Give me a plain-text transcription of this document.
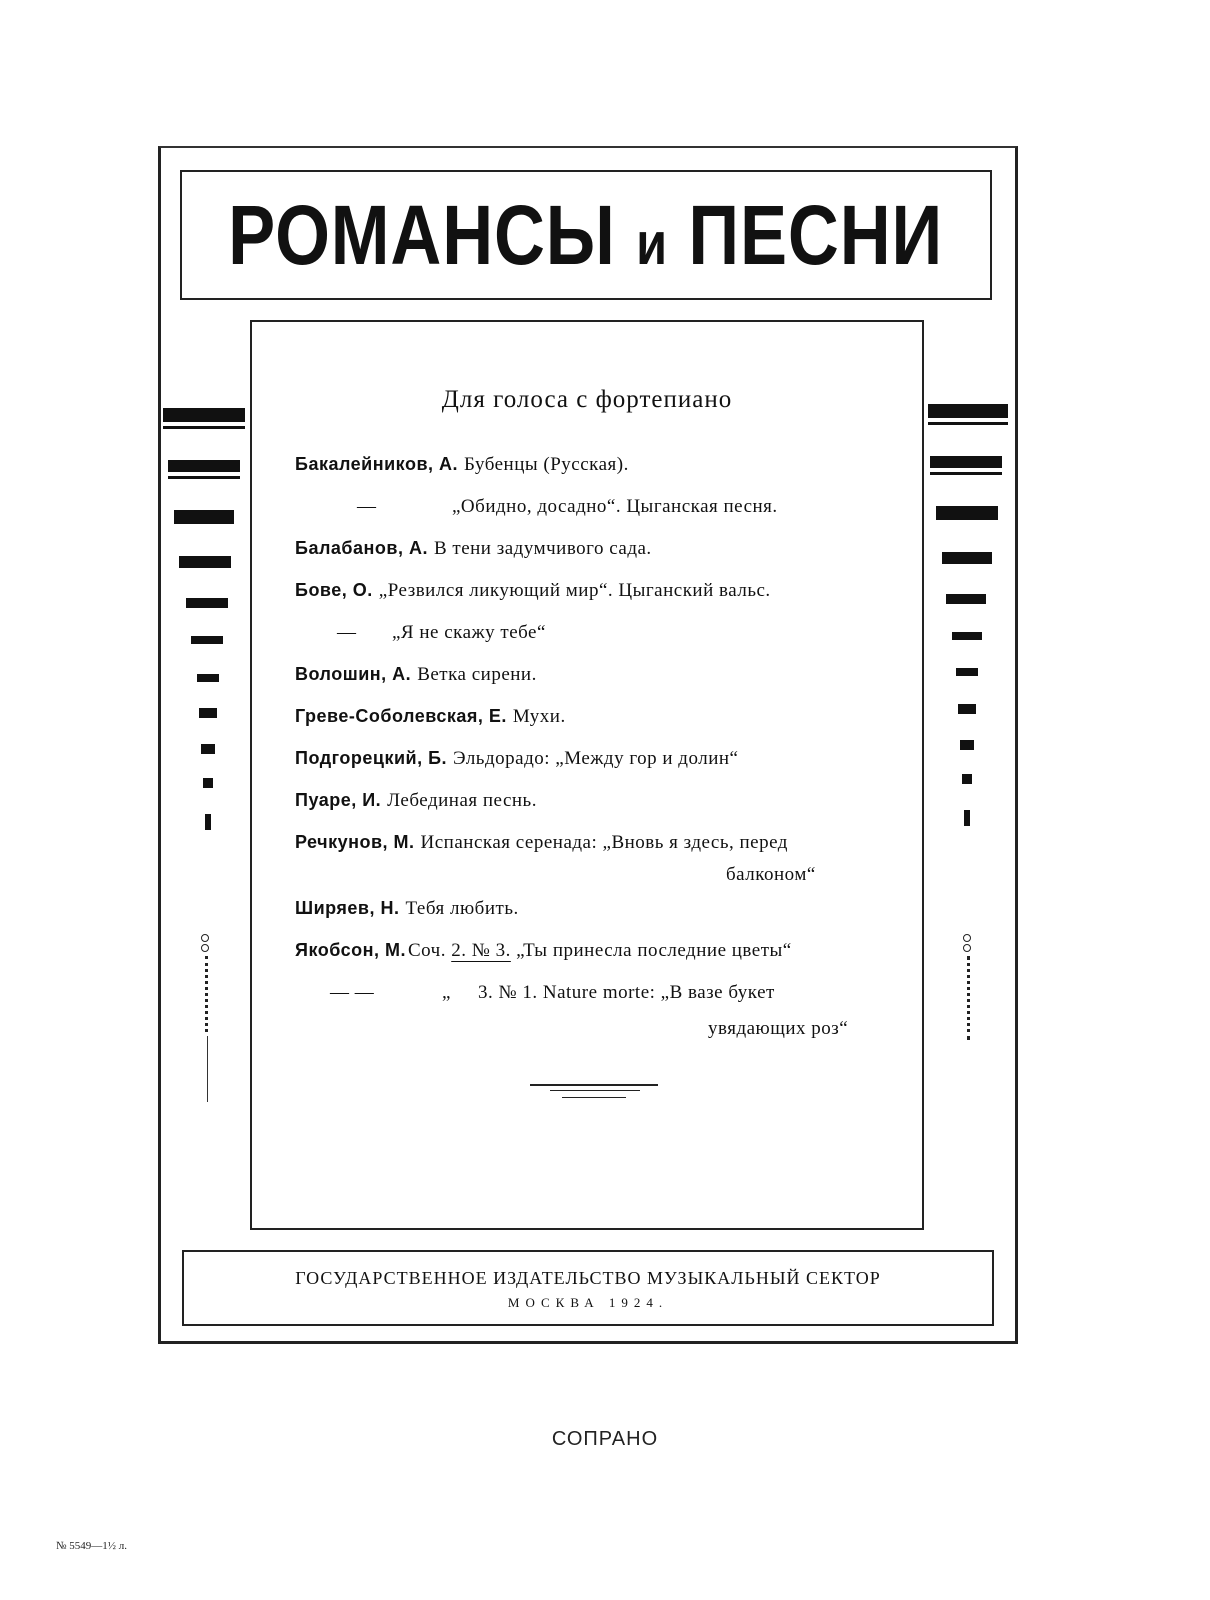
РОМАНСЫ и ПЕСНИ
Для голоса с фортепиано
Бакалейников, А. Бубенцы (Русская).
—	„Обидно, досадно“. Цыганская песня.
Балабанов, А. В тени задумчивого сада.
Бове, О. „Резвился ликующий мир“. Цыганский вальс.
— „Я не скажу тебе“
Волошин, А. Ветка сирени.
Греве-Соболевская, Е. Мухи.
Подгорецкий, Б. Эльдорадо: „Между гор и долин“
Пуаре, И. Лебединая песнь.
Речкунов, М. Испанская серенада: „Вновь я здесь, перед
балконом“
Ширяев, Н. Тебя любить.
Якобсон, М. Соч. 2. № 3. „Ты принесла последние цветы“
— —	„ 3. № 1. Nature morte: „В вазе букет
увядающих роз“
ГОСУДАРСТВЕННОЕ ИЗДАТЕЛЬСТВО МУЗЫКАЛЬНЫЙ СЕКТОР
МОСКВА 1924.
СОПРАНО
№ 5549—1½ л.
